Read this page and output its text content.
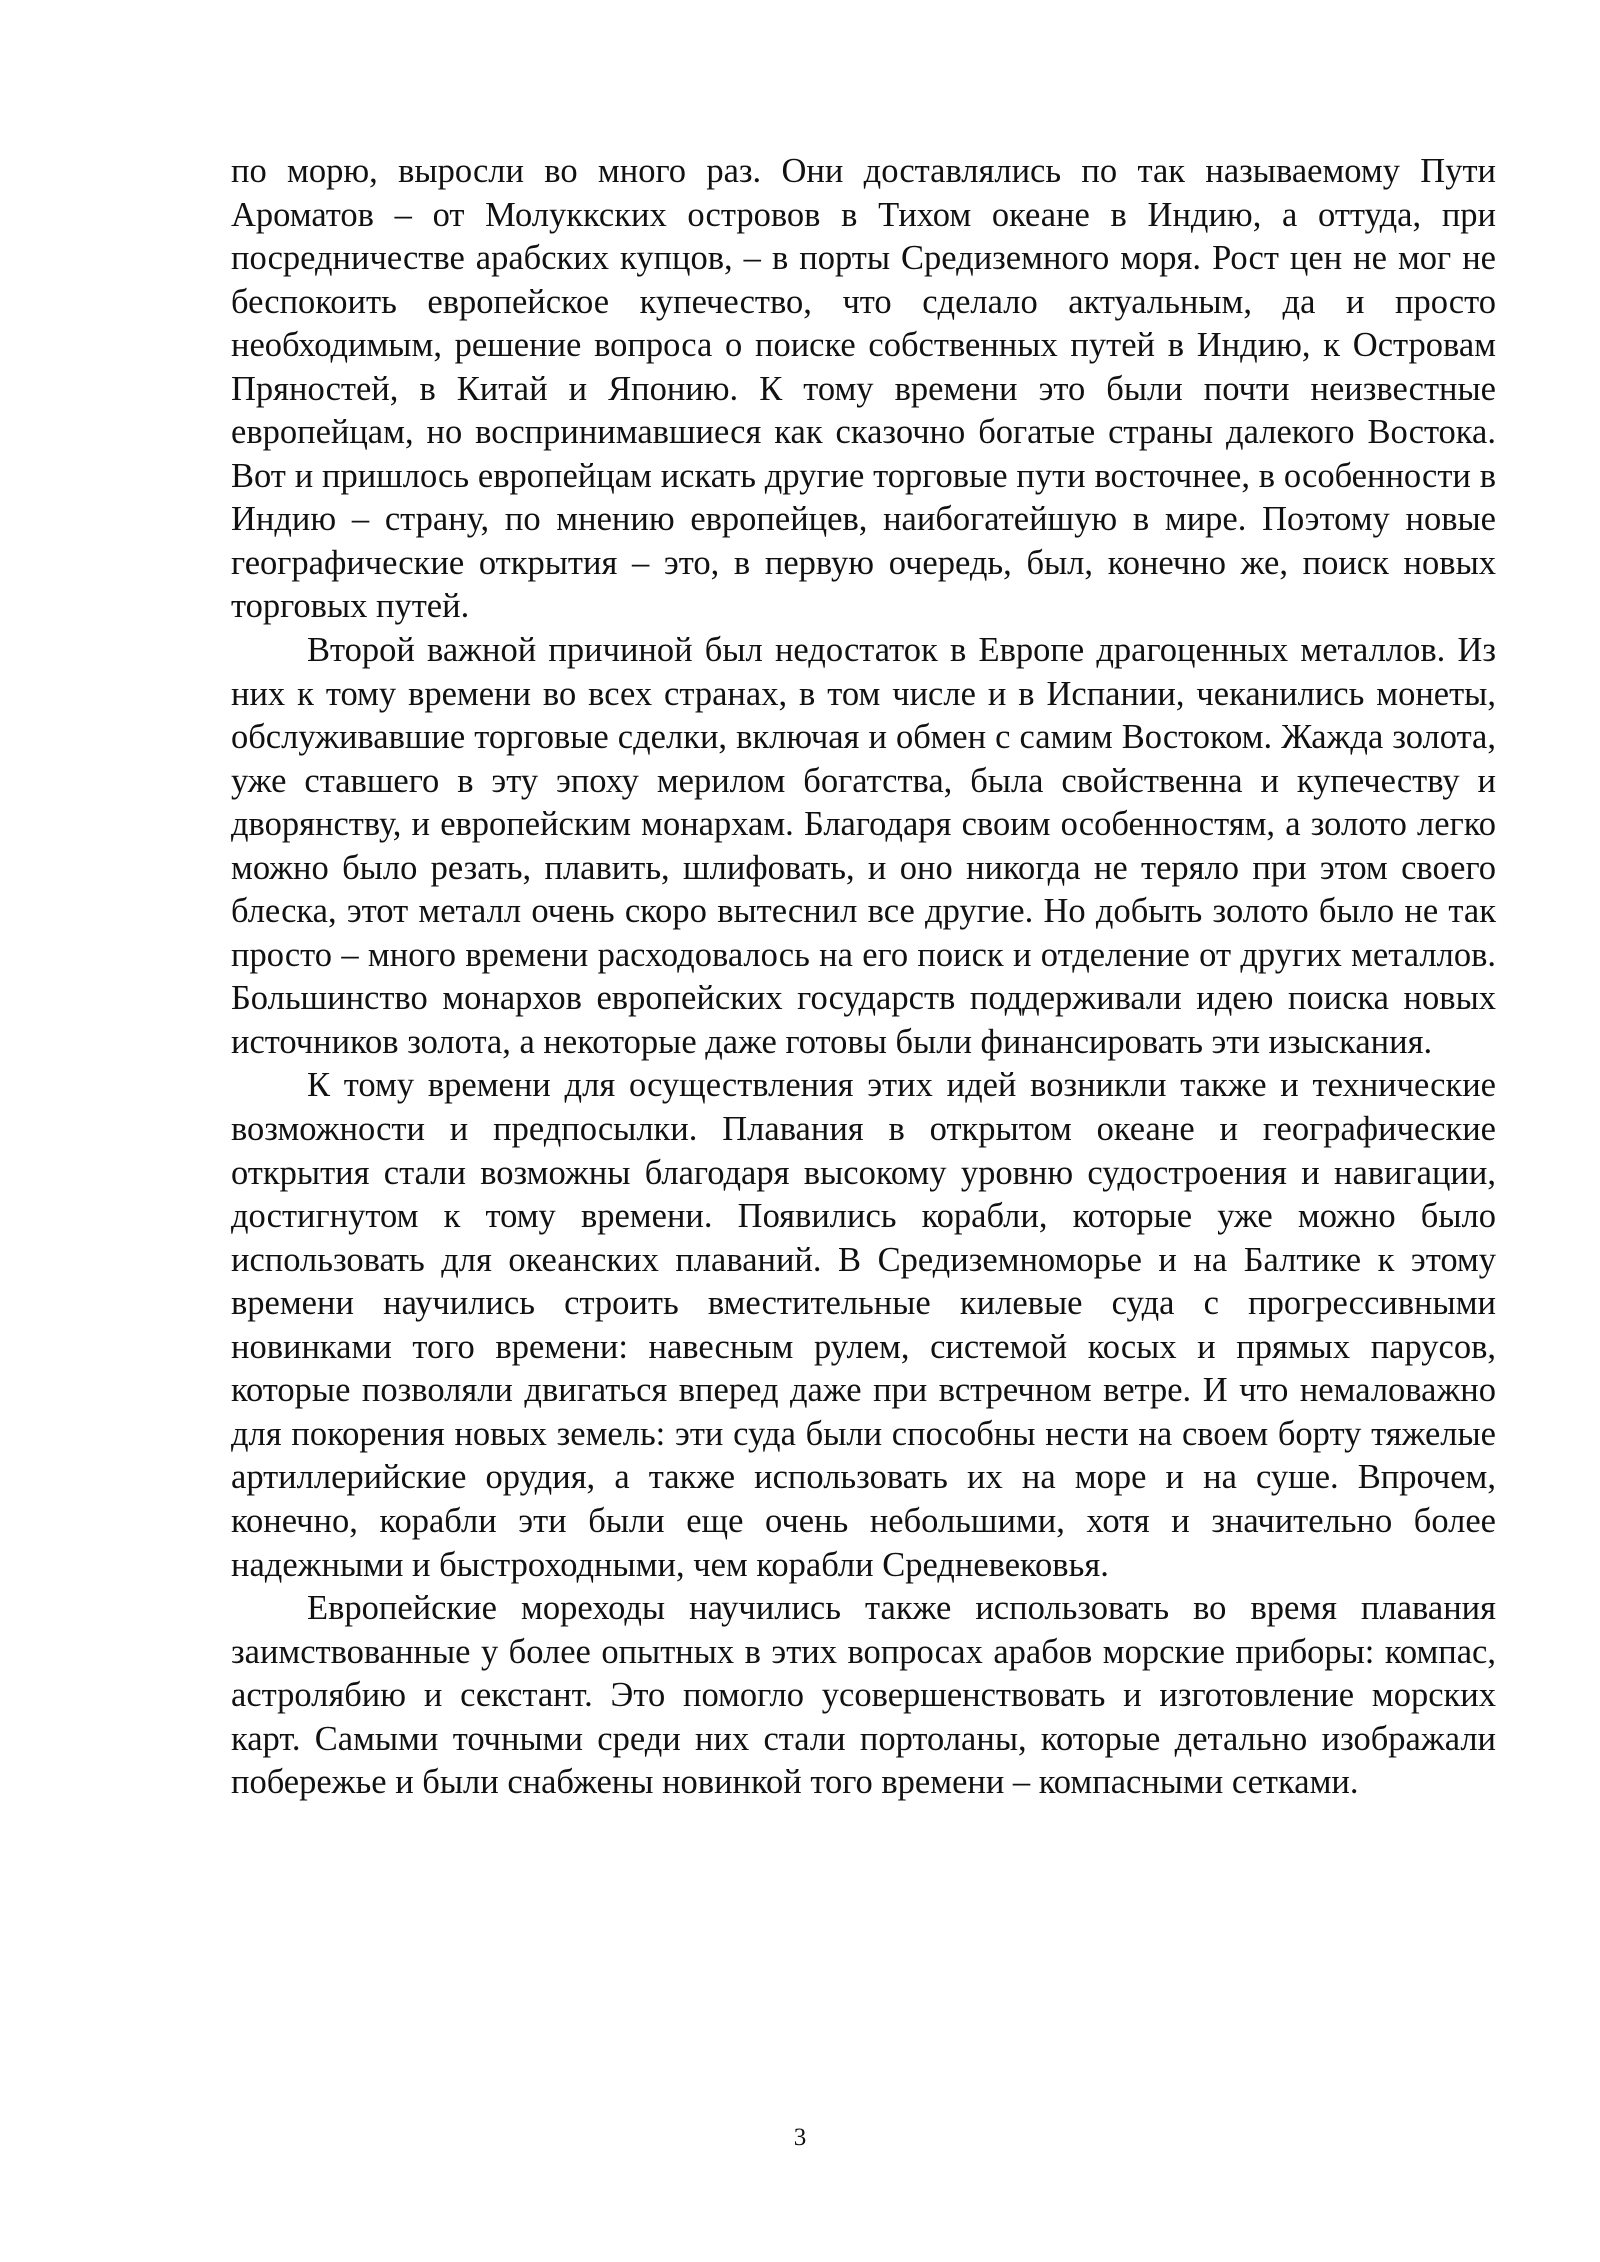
по морю, выросли во много раз. Они доставлялись по так называемому Пути Ароматов – от Молуккских островов в Тихом океане в Индию, а оттуда, при посредничестве арабских купцов, – в порты Средиземного моря. Рост цен не мог не беспокоить европейское купечество, что сделало актуальным, да и просто необходимым, решение вопроса о поиске собственных путей в Индию, к Островам Пряностей, в Китай и Японию. К тому времени это были почти неизвестные европейцам, но воспринимавшиеся как сказочно богатые страны далекого Востока. Вот и пришлось европейцам искать другие торговые пути восточнее, в особенности в Индию – страну, по мнению европейцев, наибогатейшую в мире. Поэтому новые географические открытия – это, в первую очередь, был, конечно же, поиск новых торговых путей.

Второй важной причиной был недостаток в Европе драгоценных металлов. Из них к тому времени во всех странах, в том числе и в Испании, чеканились монеты, обслуживавшие торговые сделки, включая и обмен с самим Востоком. Жажда золота, уже ставшего в эту эпоху мерилом богатства, была свойственна и купечеству и дворянству, и европейским монархам. Благодаря своим особенностям, а золото легко можно было резать, плавить, шлифовать, и оно никогда не теряло при этом своего блеска, этот металл очень скоро вытеснил все другие. Но добыть золото было не так просто – много времени расходовалось на его поиск и отделение от других металлов. Большинство монархов европейских государств поддерживали идею поиска новых источников золота, а некоторые даже готовы были финансировать эти изыскания.

К тому времени для осуществления этих идей возникли также и технические возможности и предпосылки. Плавания в открытом океане и географические открытия стали возможны благодаря высокому уровню судостроения и навигации, достигнутом к тому времени. Появились корабли, которые уже можно было использовать для океанских плаваний. В Средиземноморье и на Балтике к этому времени научились строить вместительные килевые суда с прогрессивными новинками того времени: навесным рулем, системой косых и прямых парусов, которые позволяли двигаться вперед даже при встречном ветре. И что немаловажно для покорения новых земель: эти суда были способны нести на своем борту тяжелые артиллерийские орудия, а также использовать их на море и на суше. Впрочем, конечно, корабли эти были еще очень небольшими, хотя и значительно более надежными и быстроходными, чем корабли Средневековья.

Европейские мореходы научились также использовать во время плавания заимствованные у более опытных в этих вопросах арабов морские приборы: компас, астролябию и секстант. Это помогло усовершенствовать и изготовление морских карт. Самыми точными среди них стали портоланы, которые детально изображали побережье и были снабжены новинкой того времени – компасными сетками.

3
